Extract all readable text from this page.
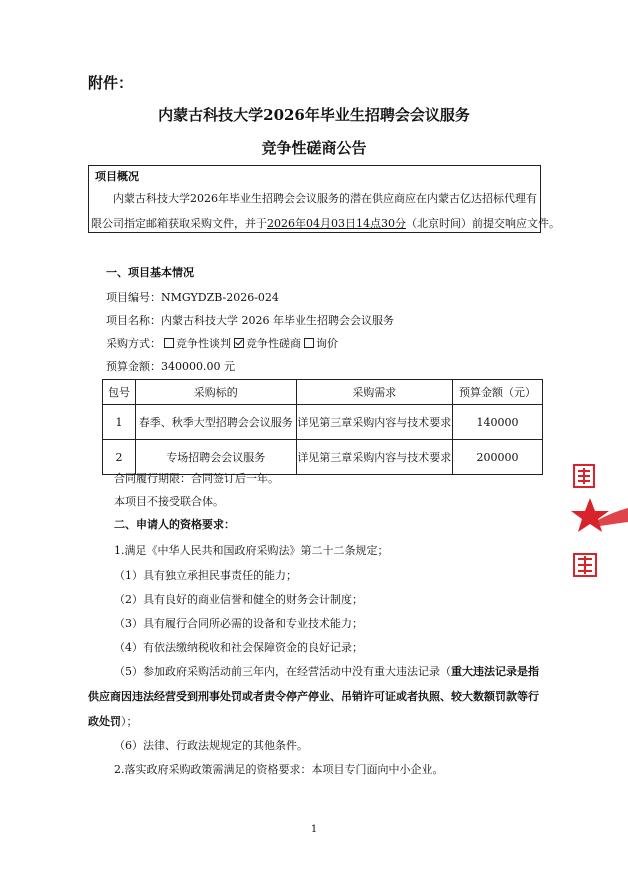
附件：
内蒙古科技大学2026年毕业生招聘会会议服务
竞争性磋商公告
项目概况
内蒙古科技大学2026年毕业生招聘会会议服务的潜在供应商应在内蒙古亿达招标代理有
限公司指定邮箱获取采购文件，并于2026年04月03日14点30分（北京时间）前提交响应文件。
一、项目基本情况
项目编号：NMGYDZB-2026-024
项目名称：内蒙古科技大学 2026 年毕业生招聘会会议服务
采购方式： 竞争性谈判 竞争性磋商 询价
预算金额：340000.00 元
包号	采购标的	采购需求	预算金额（元）
1	春季、秋季大型招聘会会议服务	详见第三章采购内容与技术要求	140000
2	专场招聘会会议服务	详见第三章采购内容与技术要求	200000
合同履行期限：合同签订后一年。
本项目不接受联合体。
二、申请人的资格要求：
1.满足《中华人民共和国政府采购法》第二十二条规定；
（1）具有独立承担民事责任的能力；
（2）具有良好的商业信誉和健全的财务会计制度；
（3）具有履行合同所必需的设备和专业技术能力；
（4）有依法缴纳税收和社会保障资金的良好记录；
（5）参加政府采购活动前三年内，在经营活动中没有重大违法记录（重大违法记录是指
供应商因违法经营受到刑事处罚或者责令停产停业、吊销许可证或者执照、较大数额罚款等行
政处罚）；
（6）法律、行政法规规定的其他条件。
2.落实政府采购政策需满足的资格要求：本项目专门面向中小企业。
1
